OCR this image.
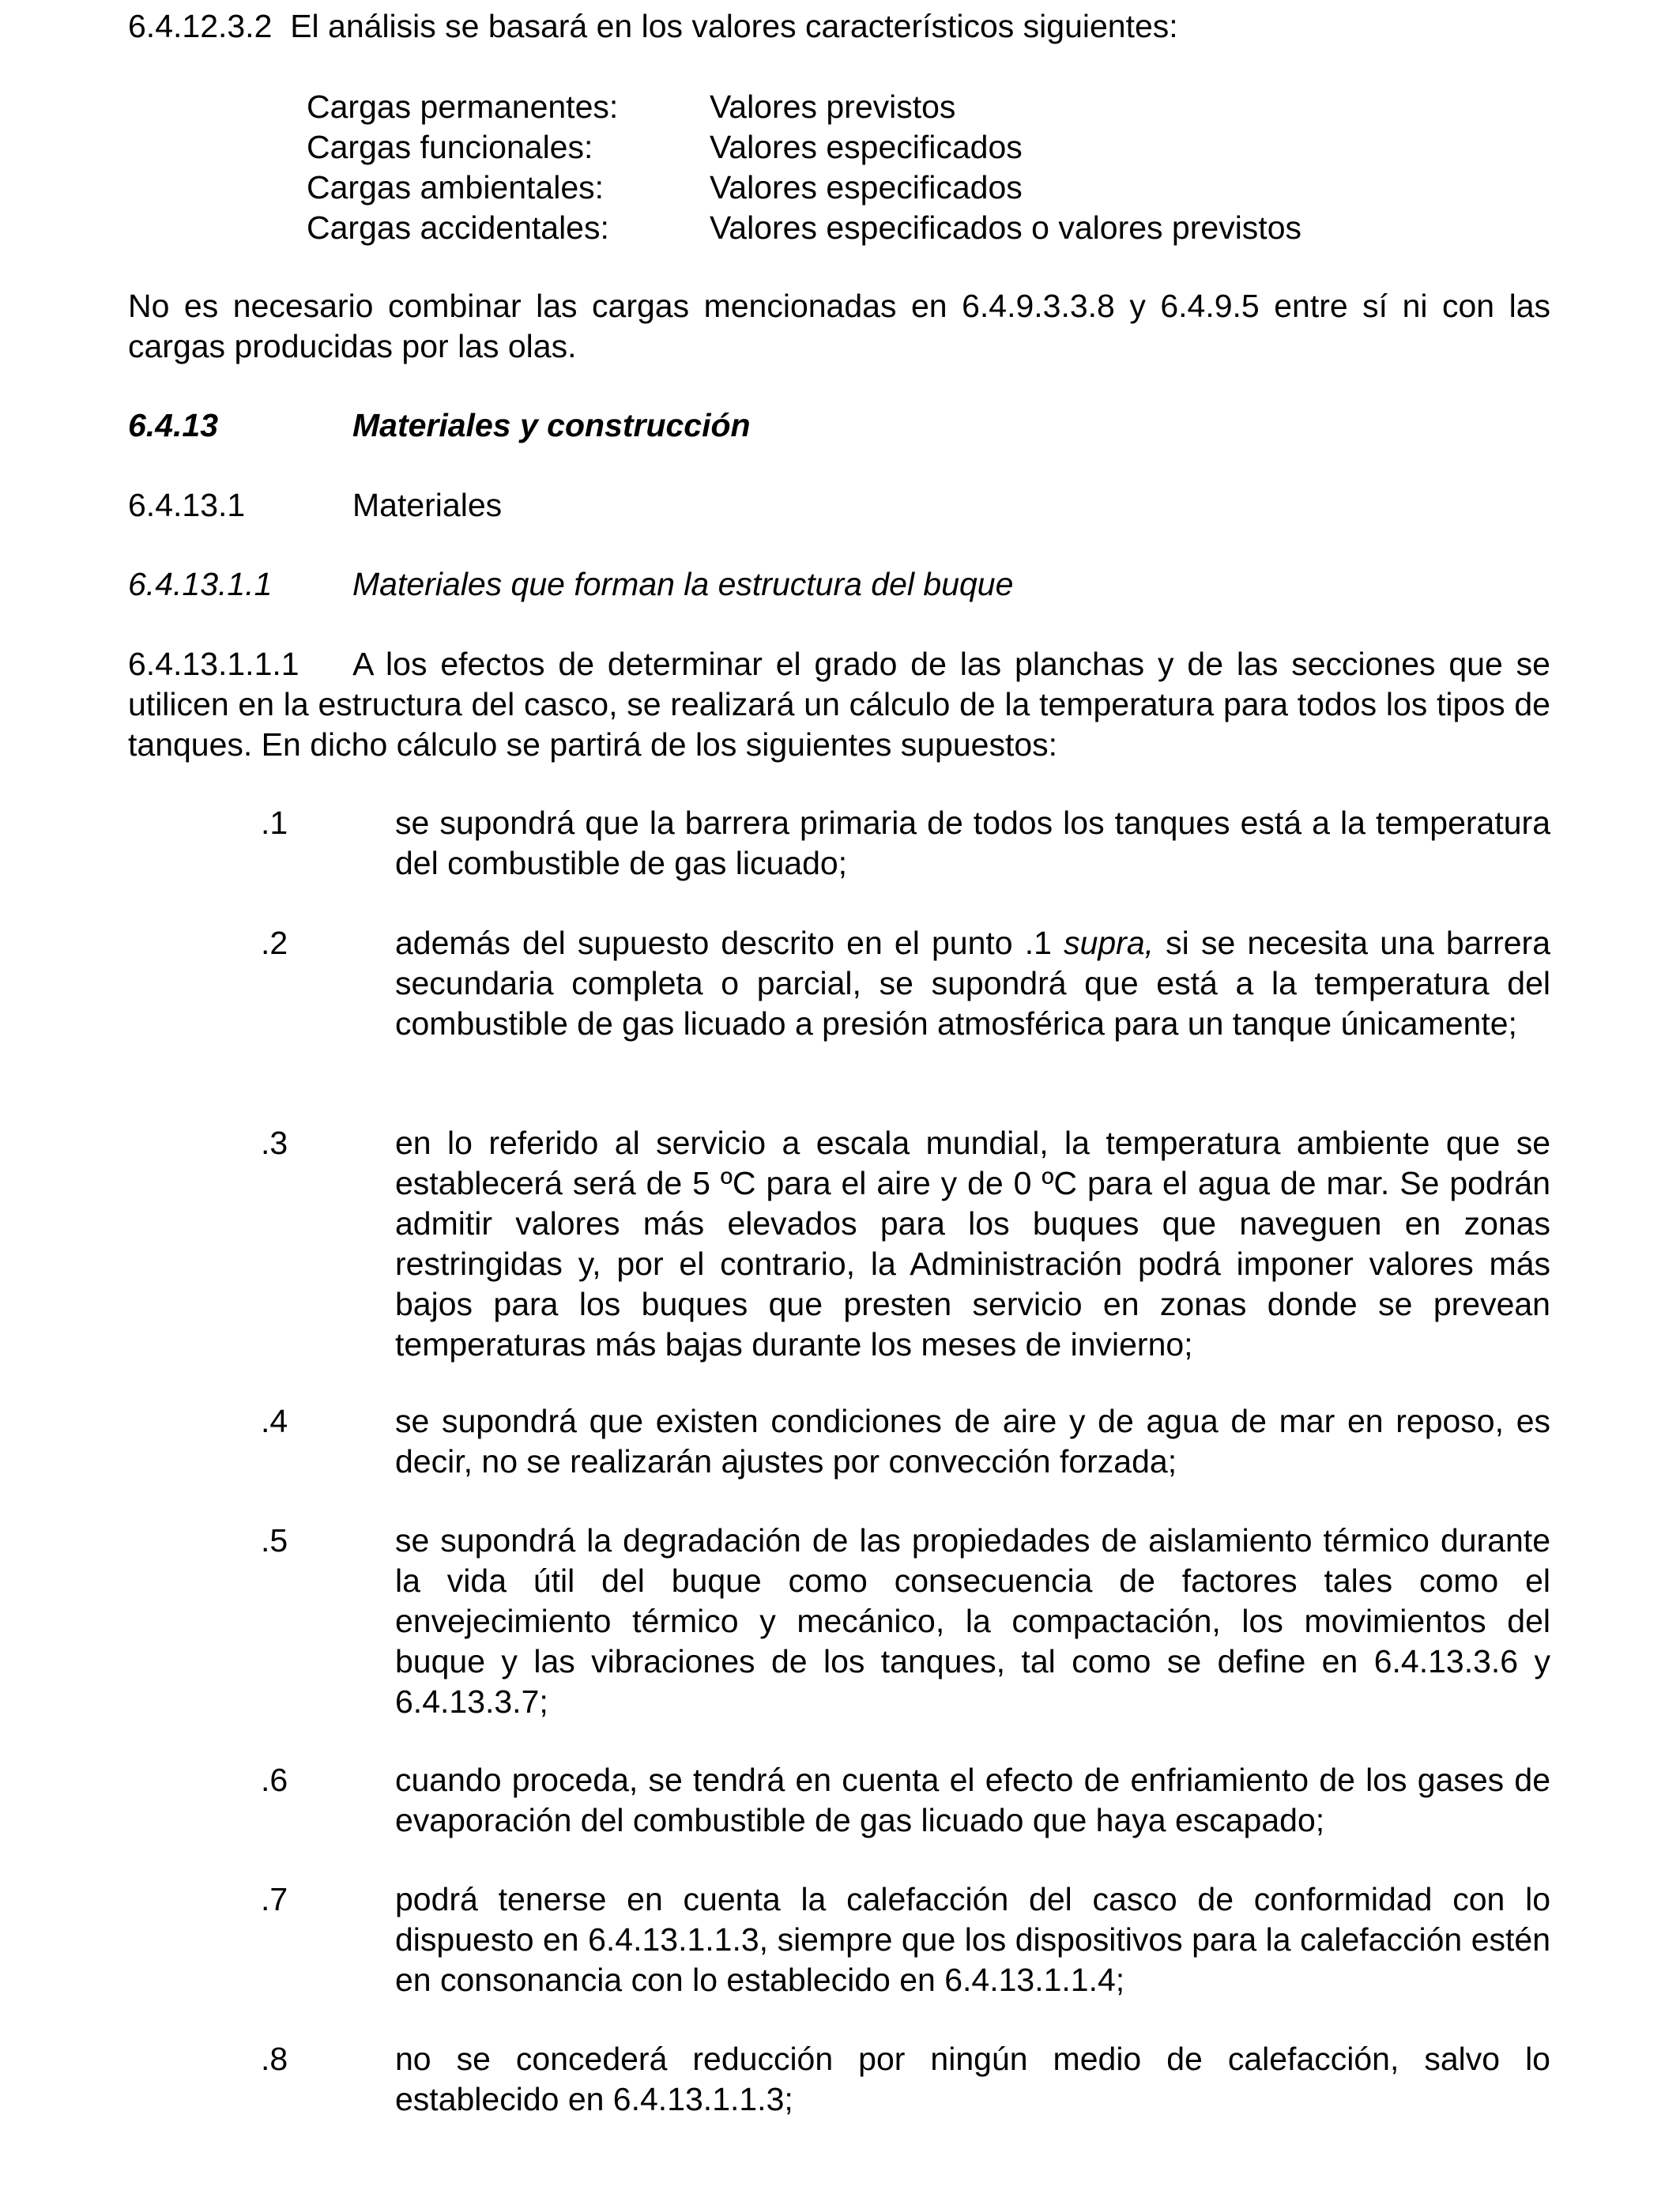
6.4.12.3.2 El análisis se basará en los valores característicos siguientes:

Cargas permanentes:	Valores previstos
Cargas funcionales:	Valores especificados
Cargas ambientales:	Valores especificados
Cargas accidentales:	Valores especificados o valores previstos

No es necesario combinar las cargas mencionadas en 6.4.9.3.3.8 y 6.4.9.5 entre sí ni con las cargas producidas por las olas.

6.4.13	Materiales y construcción
6.4.13.1	Materiales
6.4.13.1.1	Materiales que forman la estructura del buque

6.4.13.1.1.1 A los efectos de determinar el grado de las planchas y de las secciones que se utilicen en la estructura del casco, se realizará un cálculo de la temperatura para todos los tipos de tanques. En dicho cálculo se partirá de los siguientes supuestos:

.1	se supondrá que la barrera primaria de todos los tanques está a la temperatura del combustible de gas licuado;
.2	además del supuesto descrito en el punto .1 supra, si se necesita una barrera secundaria completa o parcial, se supondrá que está a la temperatura del combustible de gas licuado a presión atmosférica para un tanque únicamente;
.3	en lo referido al servicio a escala mundial, la temperatura ambiente que se establecerá será de 5 ºC para el aire y de 0 ºC para el agua de mar. Se podrán admitir valores más elevados para los buques que naveguen en zonas restringidas y, por el contrario, la Administración podrá imponer valores más bajos para los buques que presten servicio en zonas donde se prevean temperaturas más bajas durante los meses de invierno;
.4	se supondrá que existen condiciones de aire y de agua de mar en reposo, es decir, no se realizarán ajustes por convección forzada;
.5	se supondrá la degradación de las propiedades de aislamiento térmico durante la vida útil del buque como consecuencia de factores tales como el envejecimiento térmico y mecánico, la compactación, los movimientos del buque y las vibraciones de los tanques, tal como se define en 6.4.13.3.6 y 6.4.13.3.7;
.6	cuando proceda, se tendrá en cuenta el efecto de enfriamiento de los gases de evaporación del combustible de gas licuado que haya escapado;
.7	podrá tenerse en cuenta la calefacción del casco de conformidad con lo dispuesto en 6.4.13.1.1.3, siempre que los dispositivos para la calefacción estén en consonancia con lo establecido en 6.4.13.1.1.4;
.8	no se concederá reducción por ningún medio de calefacción, salvo lo establecido en 6.4.13.1.1.3;
